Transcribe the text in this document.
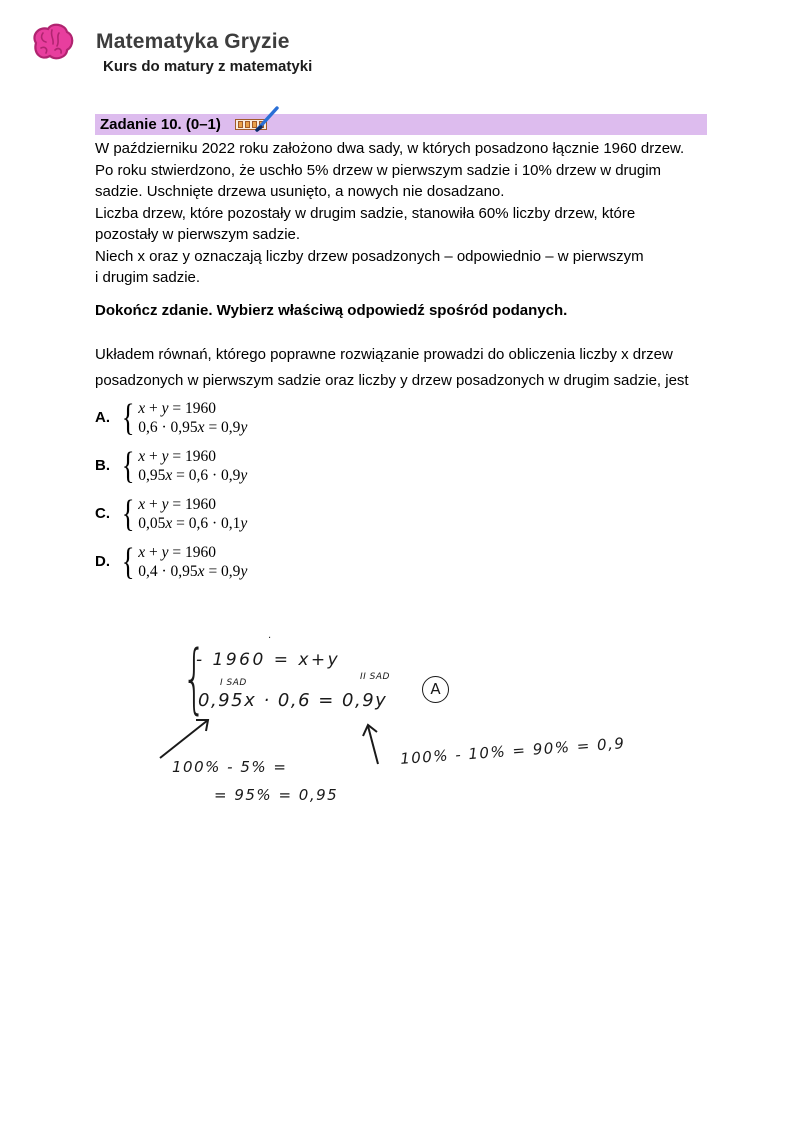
Matematyka Gryzie
Kurs do matury z matematyki
Zadanie 10. (0–1)
W październiku 2022 roku założono dwa sady, w których posadzono łącznie 1960 drzew.
Po roku stwierdzono, że uschło 5% drzew w pierwszym sadzie i 10% drzew w drugim
sadzie. Uschnięte drzewa usunięto, a nowych nie dosadzano.
Liczba drzew, które pozostały w drugim sadzie, stanowiła 60% liczby drzew, które
pozostały w pierwszym sadzie.
Niech x oraz y oznaczają liczby drzew posadzonych – odpowiednio – w pierwszym
i drugim sadzie.
Dokończ zdanie. Wybierz właściwą odpowiedź spośród podanych.
Układem równań, którego poprawne rozwiązanie prowadzi do obliczenia liczby x drzew
posadzonych w pierwszym sadzie oraz liczby y drzew posadzonych w drugim sadzie, jest
A. { x + y = 1960
0,6 · 0,95x = 0,9y
B. { x + y = 1960
0,95x = 0,6 · 0,9y
C. { x + y = 1960
0,05x = 0,6 · 0,1y
D. { x + y = 1960
0,4 · 0,95x = 0,9y
.
{
- 1960 = x+y
I SAD
0,95x · 0,6 = 0,9y
II SAD
A
100% - 5% =
= 95% = 0,95
100% - 10% = 90% = 0,9
